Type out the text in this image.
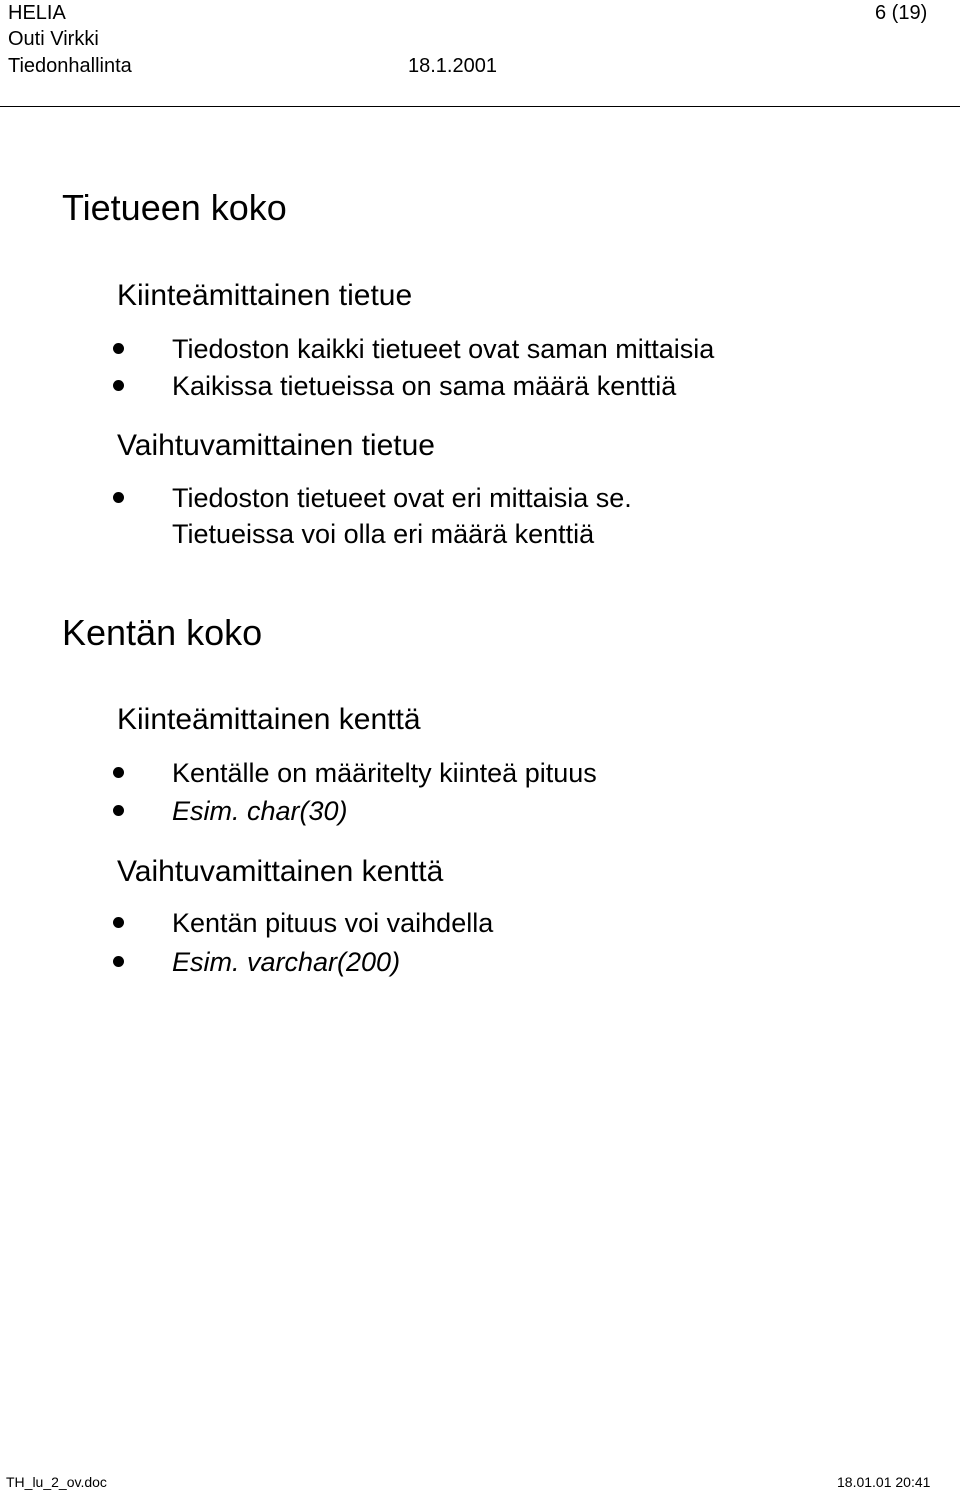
HELIA
Outi Virkki
Tiedonhallinta	18.1.2001
6 (19)
Tietueen koko
Kiinteämittainen tietue
Tiedoston kaikki tietueet ovat saman mittaisia
Kaikissa tietueissa on sama määrä kenttiä
Vaihtuvamittainen tietue
Tiedoston tietueet ovat eri mittaisia se.
Tietueissa voi olla eri määrä kenttiä
Kentän koko
Kiinteämittainen kenttä
Kentälle on määritelty kiinteä pituus
Esim. char(30)
Vaihtuvamittainen kenttä
Kentän pituus voi vaihdella
Esim. varchar(200)
TH_lu_2_ov.doc	18.01.01 20:41
